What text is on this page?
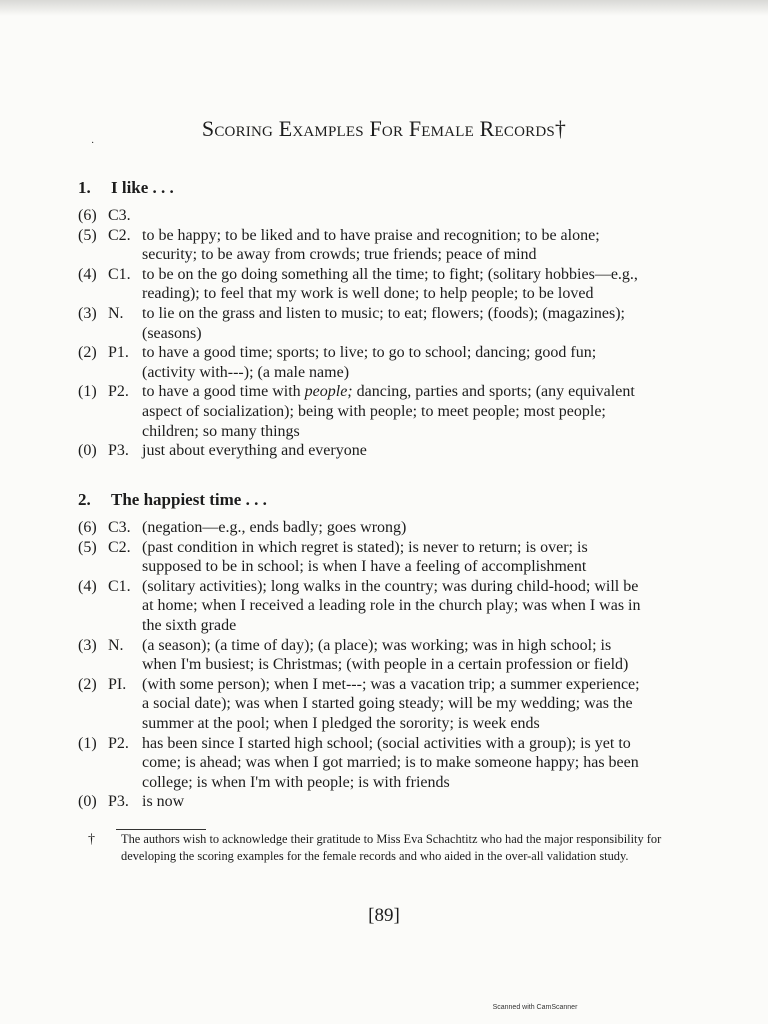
Scoring Examples For Female Records†
·
1. I like . . .
(6) C3.
(5) C2. to be happy; to be liked and to have praise and recognition; to be alone;
security; to be away from crowds; true friends; peace of mind
(4) C1. to be on the go doing something all the time; to fight; (solitary hobbies—e.g.,
reading); to feel that my work is well done; to help people; to be loved
(3) N.	to lie on the grass and listen to music; to eat; flowers; (foods); (magazines);
(seasons)
(2) P1. to have a good time; sports; to live; to go to school; dancing; good fun;
(activity with---); (a male name)
(1) P2. to have a good time with people; dancing, parties and sports; (any equivalent
aspect of socialization); being with people; to meet people; most people;
children; so many things
(0) P3. just about everything and everyone
2. The happiest time . . .
(6) C3. (negation—e.g., ends badly; goes wrong)
(5) C2. (past condition in which regret is stated); is never to return; is over; is
supposed to be in school; is when I have a feeling of accomplishment
(4) C1. (solitary activities); long walks in the country; was during child-hood; will be
at home; when I received a leading role in the church play; was when I was in
the sixth grade
(3) N.	(a season); (a time of day); (a place); was working; was in high school; is
when I'm busiest; is Christmas; (with people in a certain profession or field)
(2) PI. (with some person); when I met---; was a vacation trip; a summer experience;
a social date); was when I started going steady; will be my wedding; was the
summer at the pool; when I pledged the sorority; is week ends
(1) P2. has been since I started high school; (social activities with a group); is yet to
come; is ahead; was when I got married; is to make someone happy; has been
college; is when I'm with people; is with friends
(0) P3. is now
†	The authors wish to acknowledge their gratitude to Miss Eva Schachtitz who had the major responsibility for developing the scoring examples for the female records and who aided in the over-all validation study.
[89]
Scanned with CamScanner
